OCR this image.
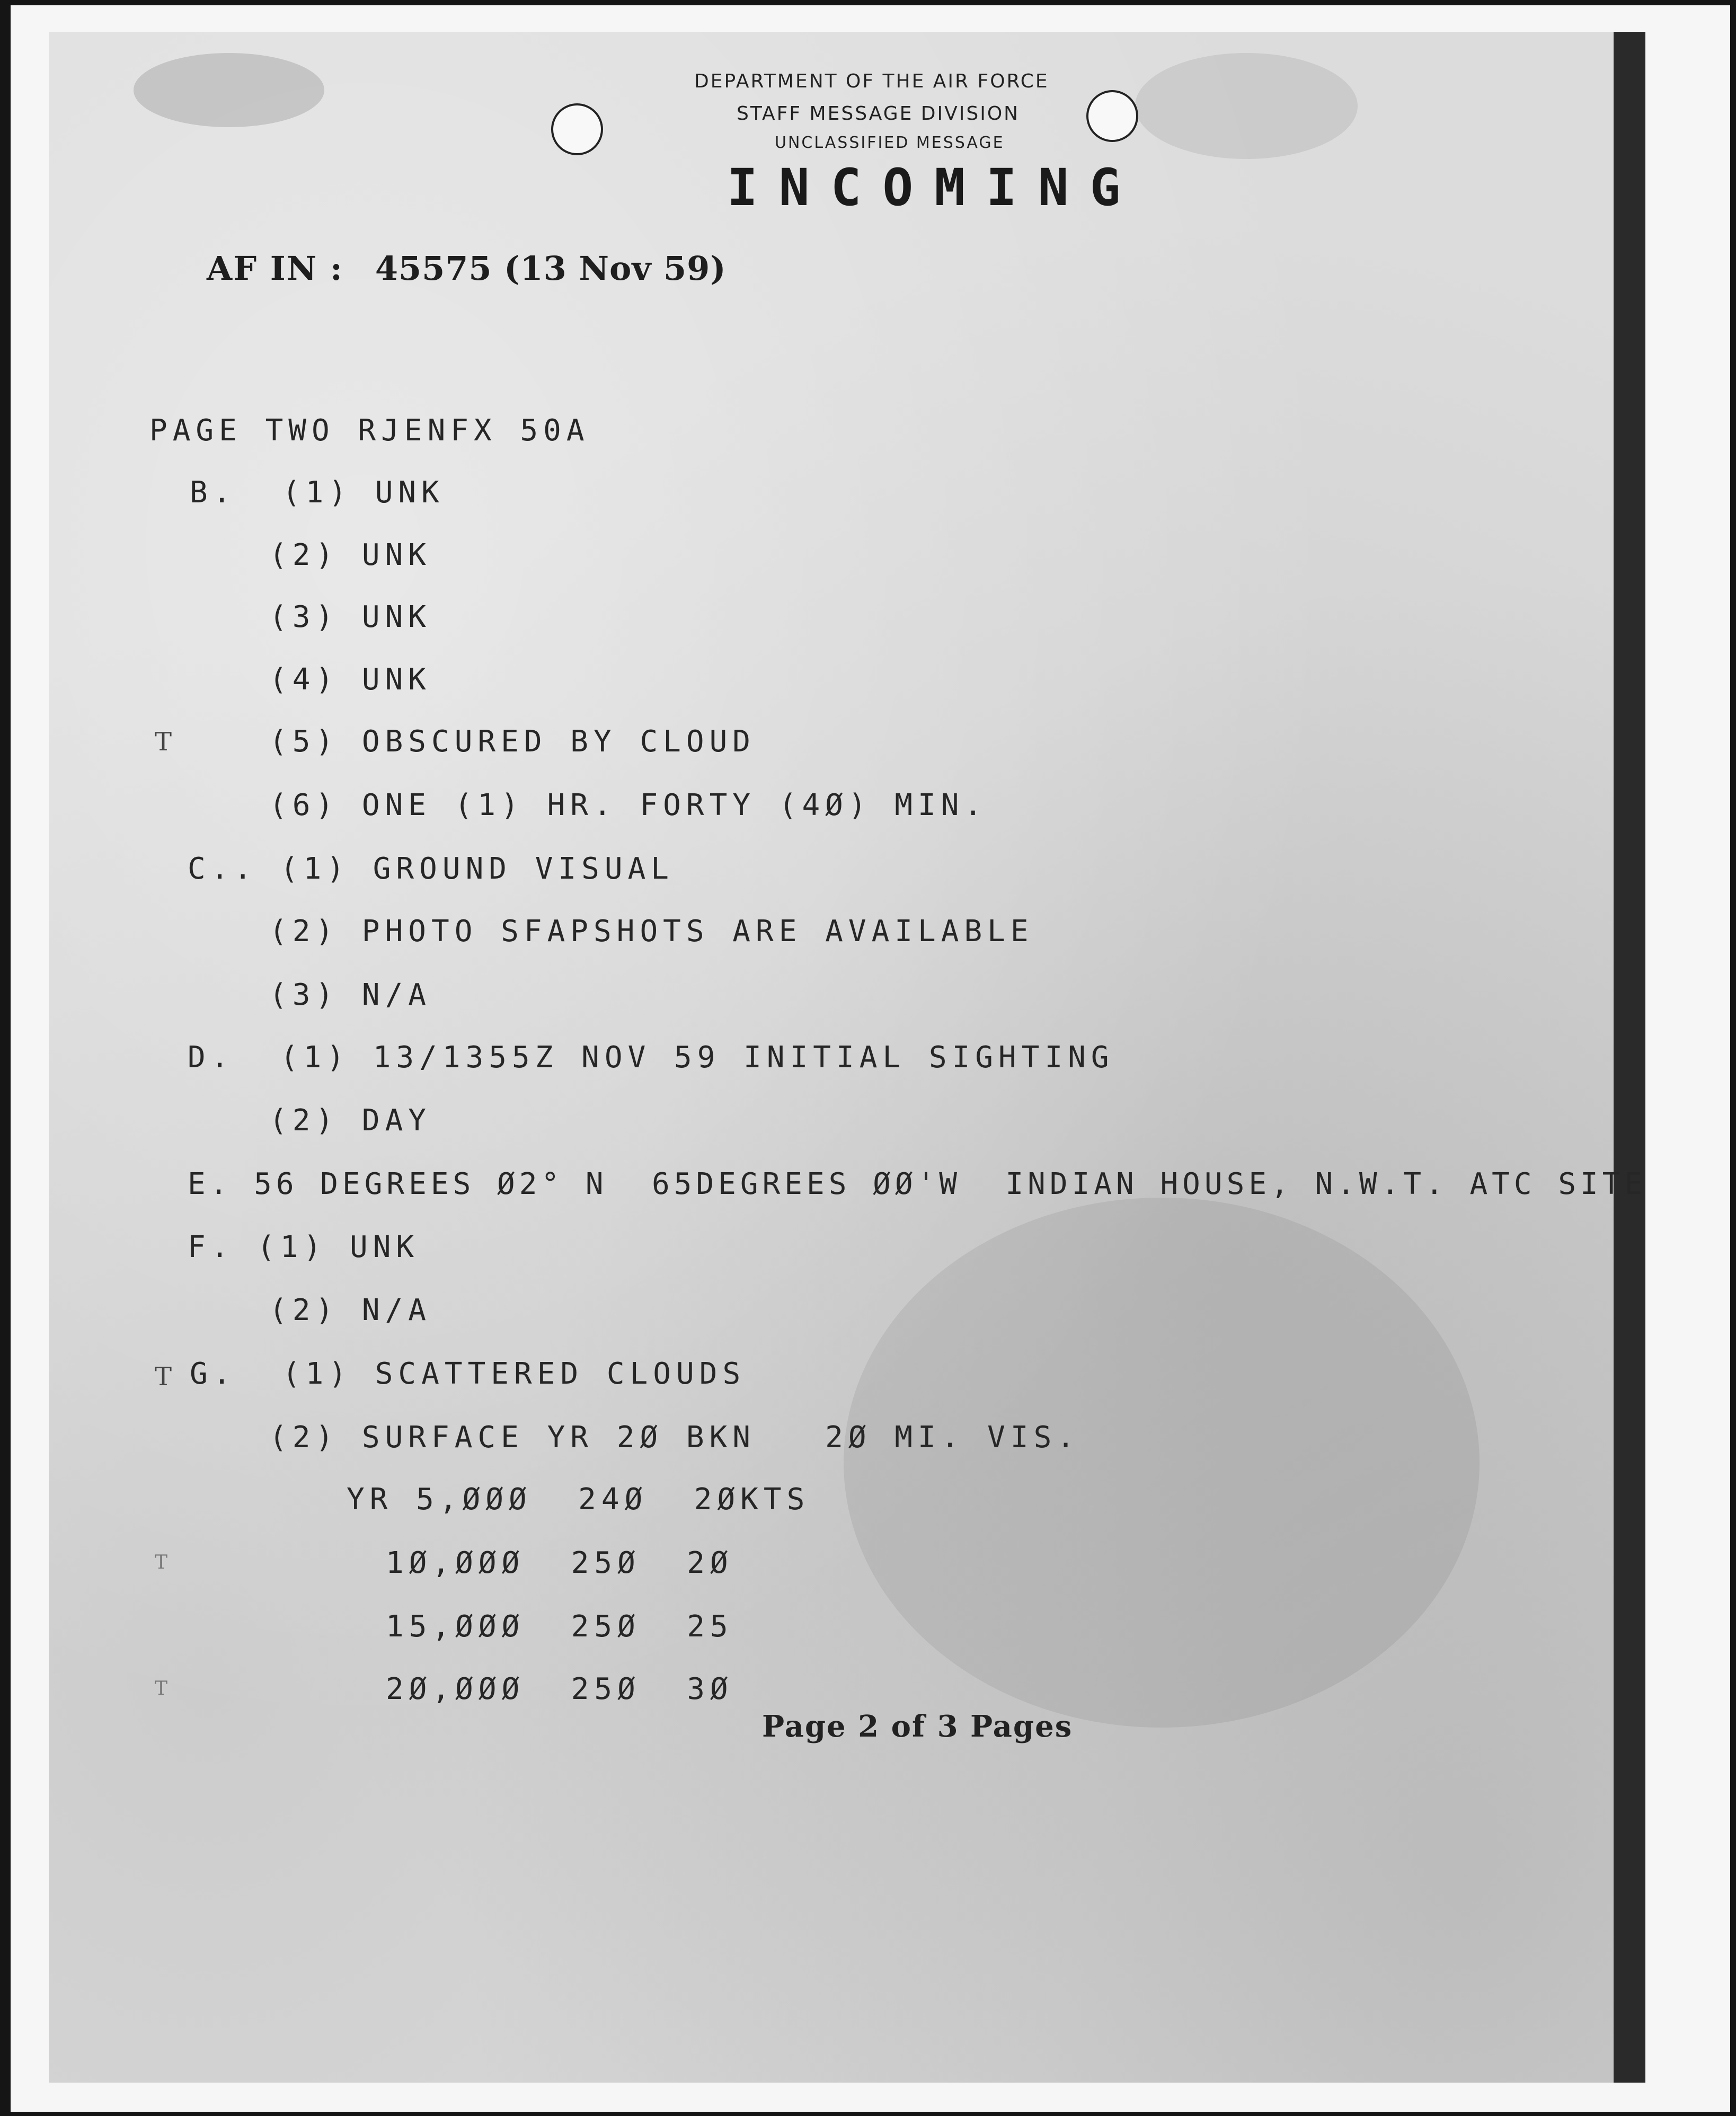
DEPARTMENT OF THE AIR FORCE
STAFF MESSAGE DIVISION
UNCLASSIFIED MESSAGE
INCOMING
AF IN : 45575 (13 Nov 59)
PAGE TWO RJENFX 50A
B.  (1) UNK
(2) UNK
(3) UNK
(4) UNK
(5) OBSCURED BY CLOUD
(6) ONE (1) HR. FORTY (4Ø) MIN.
C.. (1) GROUND VISUAL
(2) PHOTO SFAPSHOTS ARE AVAILABLE
(3) N/A
D.  (1) 13/1355Z NOV 59 INITIAL SIGHTING
(2) DAY
E. 56 DEGREES Ø2° N  65DEGREES ØØ'W  INDIAN HOUSE, N.W.T. ATC SITE
F. (1) UNK
(2) N/A
G.  (1) SCATTERED CLOUDS
(2) SURFACE YR 2Ø BKN   2Ø MI. VIS.
YR 5,ØØØ  24Ø  2ØKTS
1Ø,ØØØ  25Ø  2Ø
15,ØØØ  25Ø  25
2Ø,ØØØ  25Ø  3Ø
T
T
T
T
Page 2 of 3 Pages
